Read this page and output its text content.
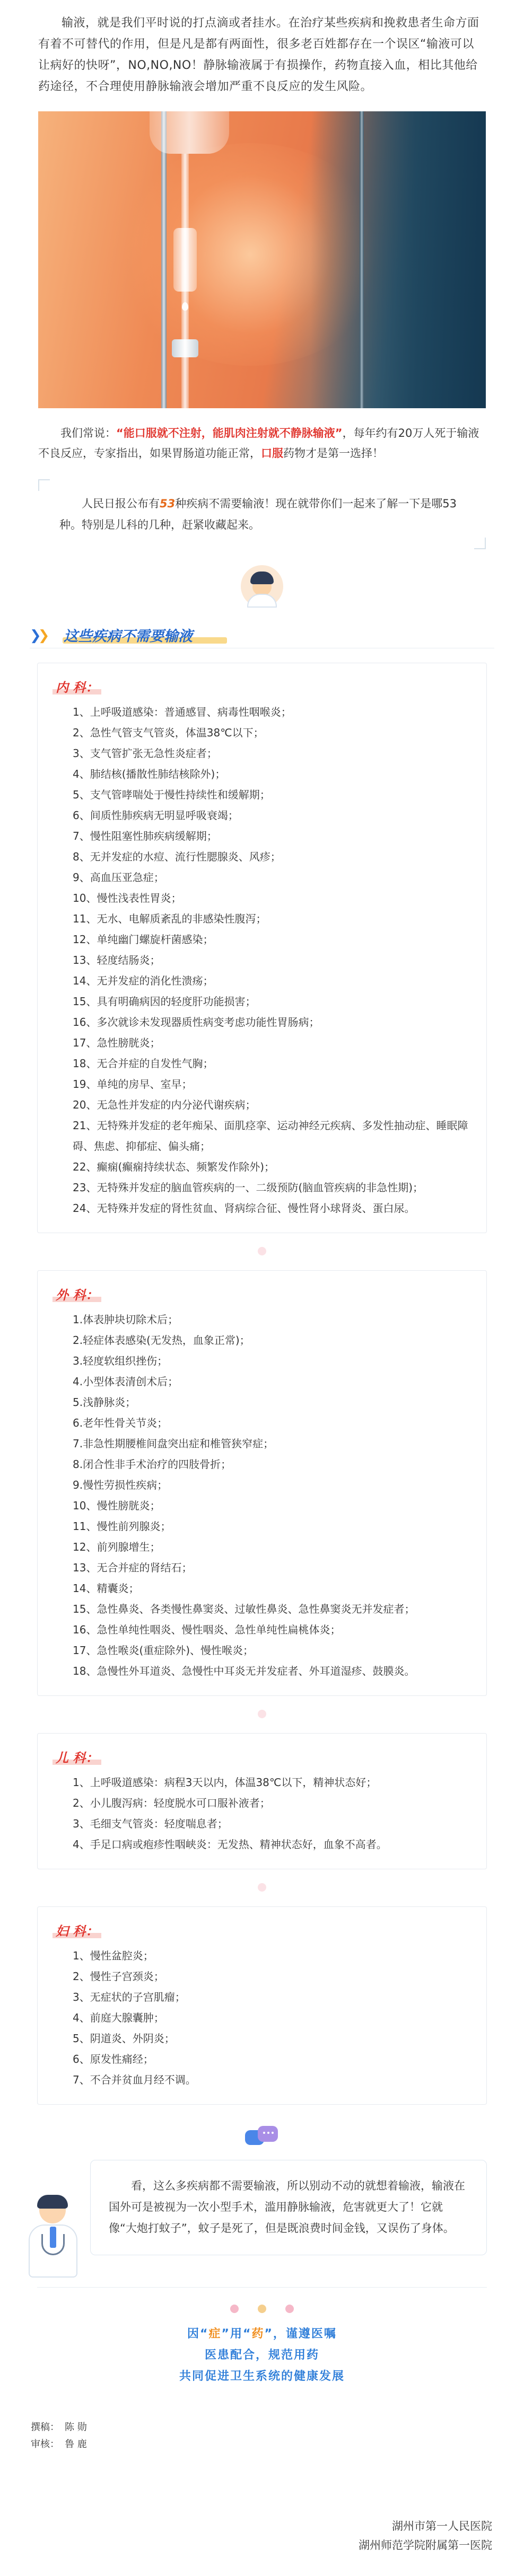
输液，就是我们平时说的打点滴或者挂水。在治疗某些疾病和挽救患者生命方面有着不可替代的作用，但是凡是都有两面性，很多老百姓都存在一个误区“输液可以让病好的快呀”，NO,NO,NO！静脉输液属于有损操作，药物直接入血，相比其他给药途径，不合理使用静脉输液会增加严重不良反应的发生风险。

我们常说：“能口服就不注射，能肌肉注射就不静脉输液”，每年约有20万人死于输液不良反应，专家指出，如果胃肠道功能正常，口服药物才是第一选择！

人民日报公布有53种疾病不需要输液！现在就带你们一起来了解一下是哪53种。特别是儿科的几种，赶紧收藏起来。
❯❯ 这些疾病不需要输液
内 科：
1、上呼吸道感染：普通感冒、病毒性咽喉炎；
2、急性气管支气管炎，体温38℃以下；
3、支气管扩张无急性炎症者；
4、肺结核(播散性肺结核除外)；
5、支气管哮喘处于慢性持续性和缓解期；
6、间质性肺疾病无明显呼吸衰竭；
7、慢性阻塞性肺疾病缓解期；
8、无并发症的水痘、流行性腮腺炎、风疹；
9、高血压亚急症；
10、慢性浅表性胃炎；
11、无水、电解质紊乱的非感染性腹泻；
12、单纯幽门螺旋杆菌感染；
13、轻度结肠炎；
14、无并发症的消化性溃疡；
15、具有明确病因的轻度肝功能损害；
16、多次就诊未发现器质性病变考虑功能性胃肠病；
17、急性膀胱炎；
18、无合并症的自发性气胸；
19、单纯的房早、室早；
20、无急性并发症的内分泌代谢疾病；
21、无特殊并发症的老年痴呆、面肌痉挛、运动神经元疾病、多发性抽动症、睡眠障碍、焦虑、抑郁症、偏头痛；
22、癫痫(癫痫持续状态、频繁发作除外)；
23、无特殊并发症的脑血管疾病的一、二级预防(脑血管疾病的非急性期)；
24、无特殊并发症的肾性贫血、肾病综合征、慢性肾小球肾炎、蛋白尿。
外 科：
1.体表肿块切除术后；
2.轻症体表感染(无发热，血象正常)；
3.轻度软组织挫伤；
4.小型体表清创术后；
5.浅静脉炎；
6.老年性骨关节炎；
7.非急性期腰椎间盘突出症和椎管狭窄症；
8.闭合性非手术治疗的四肢骨折；
9.慢性劳损性疾病；
10、慢性膀胱炎；
11、慢性前列腺炎；
12、前列腺增生；
13、无合并症的肾结石；
14、精囊炎；
15、急性鼻炎、各类慢性鼻窦炎、过敏性鼻炎、急性鼻窦炎无并发症者；
16、急性单纯性咽炎、慢性咽炎、急性单纯性扁桃体炎；
17、急性喉炎(重症除外)、慢性喉炎；
18、急慢性外耳道炎、急慢性中耳炎无并发症者、外耳道湿疹、鼓膜炎。
儿 科：
1、上呼吸道感染：病程3天以内，体温38℃以下，精神状态好；
2、小儿腹泻病：轻度脱水可口服补液者；
3、毛细支气管炎：轻度喘息者；
4、手足口病或疱疹性咽峡炎：无发热、精神状态好，血象不高者。
妇 科：
1、慢性盆腔炎；
2、慢性子宫颈炎；
3、无症状的子宫肌瘤；
4、前庭大腺囊肿；
5、阴道炎、外阴炎；
6、原发性痛经；
7、不合并贫血月经不调。
看，这么多疾病都不需要输液，所以别动不动的就想着输液，输液在国外可是被视为一次小型手术，滥用静脉输液，危害就更大了！它就像“大炮打蚊子”，蚊子是死了，但是既浪费时间金钱，又误伤了身体。
因“症”用“药”，谨遵医嘱
医患配合，规范用药
共同促进卫生系统的健康发展
撰稿： 陈 勋
审核： 鲁 鹿
湖州市第一人民医院
湖州师范学院附属第一医院
